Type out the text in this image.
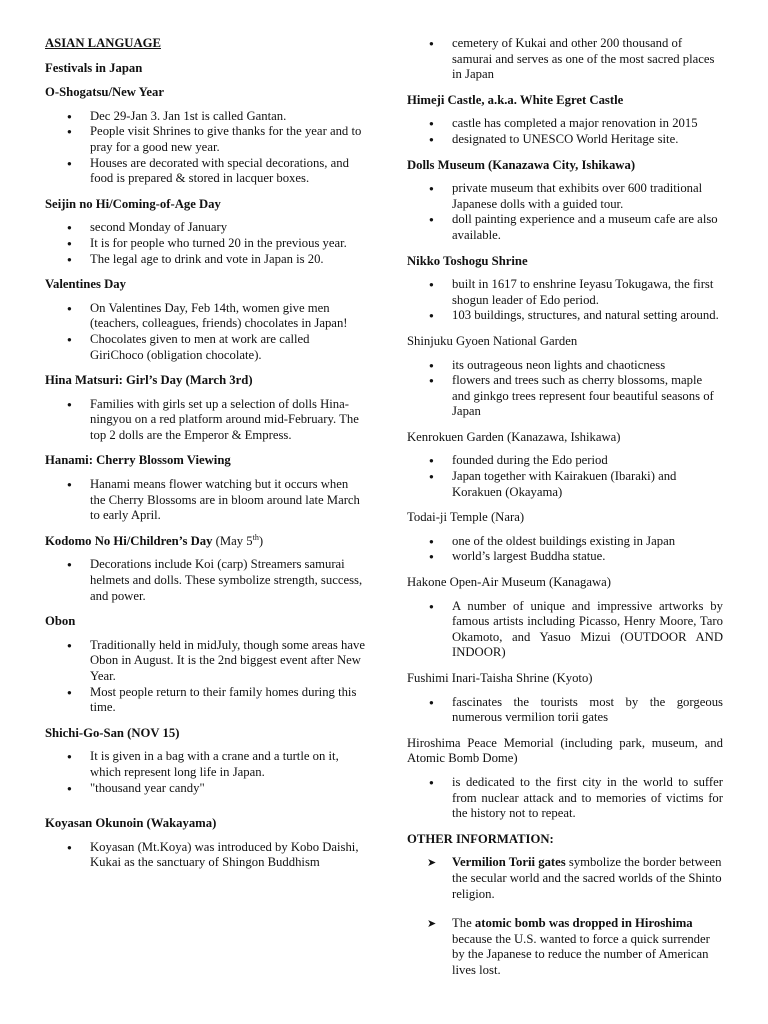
ASIAN LANGUAGE
Festivals in Japan
O-Shogatsu/New Year
● Dec 29-Jan 3. Jan 1st is called Gantan.
● People visit Shrines to give thanks for the year and to pray for a good new year.
● Houses are decorated with special decorations, and food is prepared & stored in lacquer boxes.
Seijin no Hi/Coming-of-Age Day
● second Monday of January
● It is for people who turned 20 in the previous year.
● The legal age to drink and vote in Japan is 20.
Valentines Day
● On Valentines Day, Feb 14th, women give men (teachers, colleagues, friends) chocolates in Japan!
● Chocolates given to men at work are called GiriChoco (obligation chocolate).
Hina Matsuri: Girl’s Day (March 3rd)
● Families with girls set up a selection of dolls Hina-ningyou on a red platform around mid-February. The top 2 dolls are the Emperor & Empress.
Hanami: Cherry Blossom Viewing
● Hanami means flower watching but it occurs when the Cherry Blossoms are in bloom around late March to early April.
Kodomo No Hi/Children’s Day (May 5th)
● Decorations include Koi (carp) Streamers samurai helmets and dolls. These symbolize strength, success, and power.
Obon
● Traditionally held in midJuly, though some areas have Obon in August. It is the 2nd biggest event after New Year.
● Most people return to their family homes during this time.
Shichi-Go-San (NOV 15)
● It is given in a bag with a crane and a turtle on it, which represent long life in Japan.
● "thousand year candy"
Koyasan Okunoin (Wakayama)
● Koyasan (Mt.Koya) was introduced by Kobo Daishi, Kukai as the sanctuary of Shingon Buddhism
● cemetery of Kukai and other 200 thousand of samurai and serves as one of the most sacred places in Japan
Himeji Castle, a.k.a. White Egret Castle
● castle has completed a major renovation in 2015
● designated to UNESCO World Heritage site.
Dolls Museum (Kanazawa City, Ishikawa)
● private museum that exhibits over 600 traditional Japanese dolls with a guided tour.
● doll painting experience and a museum cafe are also available.
Nikko Toshogu Shrine
● built in 1617 to enshrine Ieyasu Tokugawa, the first shogun leader of Edo period.
● 103 buildings, structures, and natural setting around.
Shinjuku Gyoen National Garden
● its outrageous neon lights and chaoticness
● flowers and trees such as cherry blossoms, maple and ginkgo trees represent four beautiful seasons of Japan
Kenrokuen Garden (Kanazawa, Ishikawa)
● founded during the Edo period
● Japan together with Kairakuen (Ibaraki) and Korakuen (Okayama)
Todai-ji Temple (Nara)
● one of the oldest buildings existing in Japan
● world’s largest Buddha statue.
Hakone Open-Air Museum (Kanagawa)
● A number of unique and impressive artworks by famous artists including Picasso, Henry Moore, Taro Okamoto, and Yasuo Mizui (OUTDOOR AND INDOOR)
Fushimi Inari-Taisha Shrine (Kyoto)
● fascinates the tourists most by the gorgeous numerous vermilion torii gates
Hiroshima Peace Memorial (including park, museum, and Atomic Bomb Dome)
● is dedicated to the first city in the world to suffer from nuclear attack and to memories of victims for the history not to repeat.
OTHER INFORMATION:
➤ Vermilion Torii gates symbolize the border between the secular world and the sacred worlds of the Shinto religion.
➤ The atomic bomb was dropped in Hiroshima because the U.S. wanted to force a quick surrender by the Japanese to reduce the number of American lives lost.
